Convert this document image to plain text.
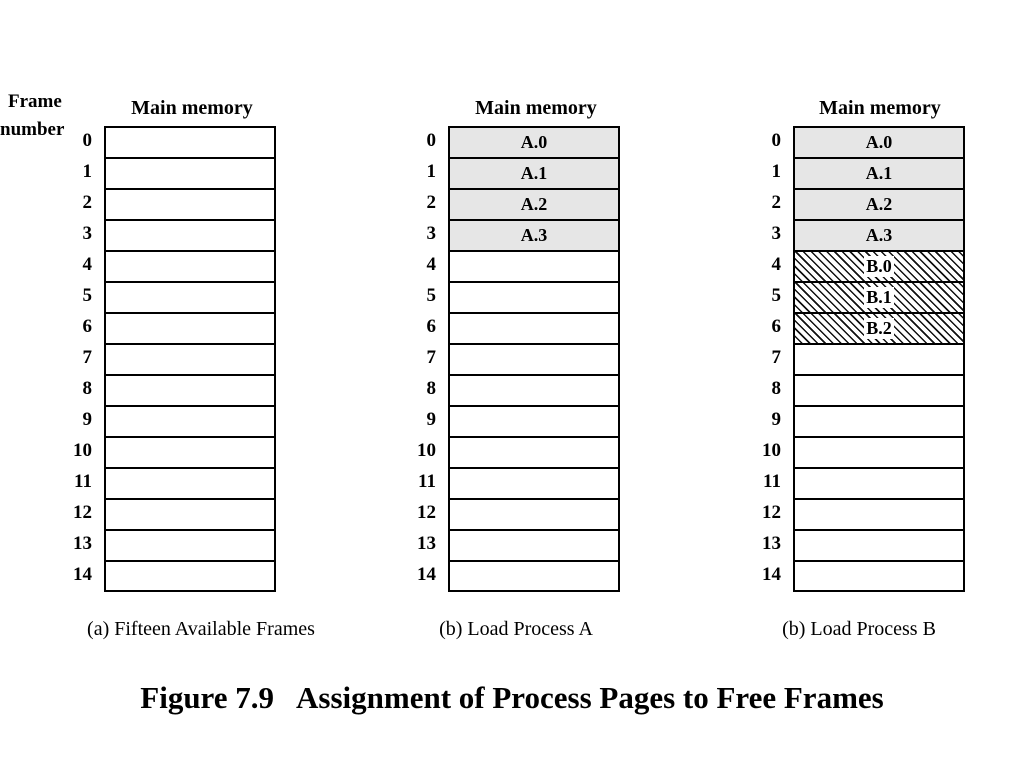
Frame
number
Main memory
0
1
2
3
4
5
6
7
8
9
10
11
12
13
14
(a) Fifteen Available Frames
Main memory
A.0
A.1
A.2
A.3
0
1
2
3
4
5
6
7
8
9
10
11
12
13
14
(b) Load Process A
Main memory
A.0
A.1
A.2
A.3
B.0
B.1
B.2
0
1
2
3
4
5
6
7
8
9
10
11
12
13
14
(b) Load Process B
Figure 7.9 Assignment of Process Pages to Free Frames
